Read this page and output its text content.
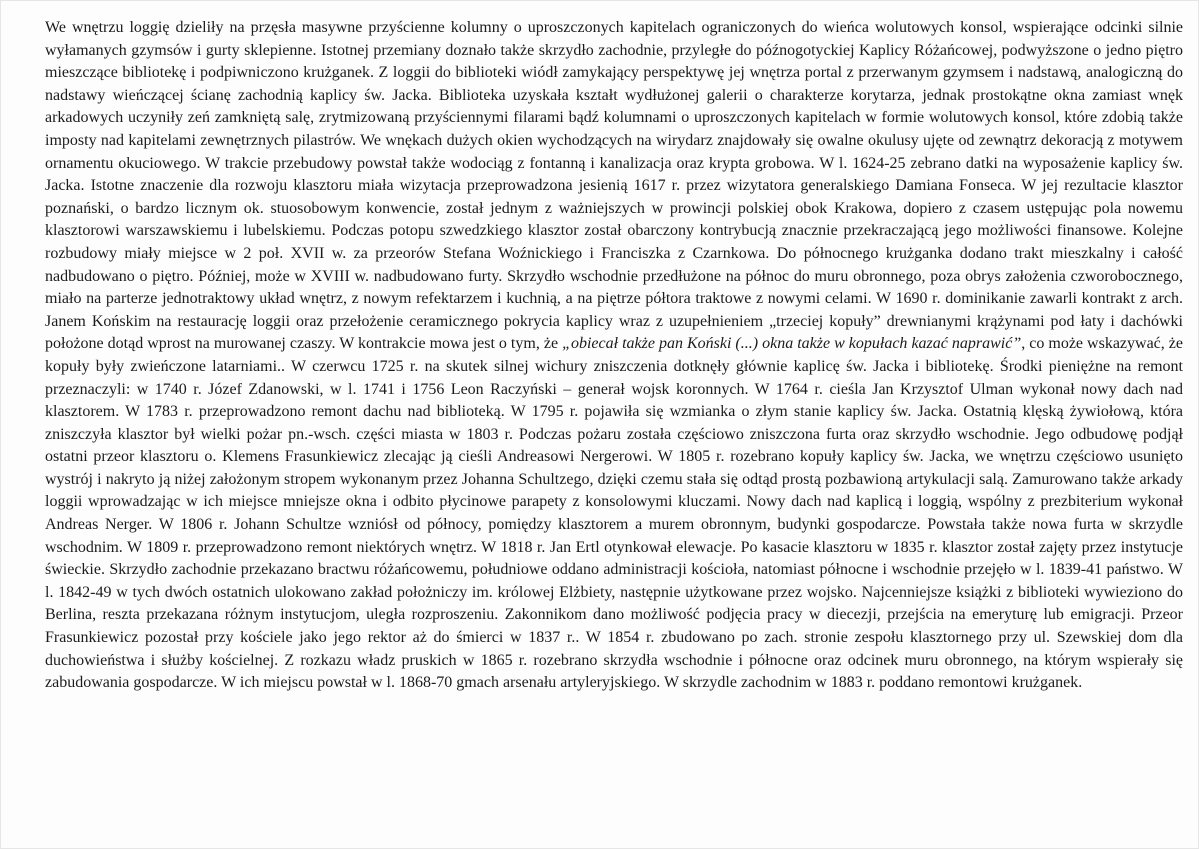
We wnętrzu loggię dzieliły na przęsła masywne przyścienne kolumny o uproszczonych kapitelach ograniczonych do wieńca wolutowych konsol, wspierające odcinki silnie wyłamanych gzymsów i gurty sklepienne. Istotnej przemiany doznało także skrzydło zachodnie, przyległe do późnogotyckiej Kaplicy Różańcowej, podwyższone o jedno piętro mieszczące bibliotekę i podpiwniczono krużganek. Z loggii do biblioteki wiódł zamykający perspektywę jej wnętrza portal z przerwanym gzymsem i nadstawą, analogiczną do nadstawy wieńczącej ścianę zachodnią kaplicy św. Jacka. Biblioteka uzyskała kształt wydłużonej galerii o charakterze korytarza, jednak prostokątne okna zamiast wnęk arkadowych uczyniły zeń zamkniętą salę, zrytmizowaną przyściennymi filarami bądź kolumnami o uproszczonych kapitelach w formie wolutowych konsol, które zdobią także imposty nad kapitelami zewnętrznych pilastrów. We wnękach dużych okien wychodzących na wirydarz znajdowały się owalne okulusy ujęte od zewnątrz dekoracją z motywem ornamentu okuciowego. W trakcie przebudowy powstał także wodociąg z fontanną i kanalizacja oraz krypta grobowa. W l. 1624-25 zebrano datki na wyposażenie kaplicy św. Jacka. Istotne znaczenie dla rozwoju klasztoru miała wizytacja przeprowadzona jesienią 1617 r. przez wizytatora generalskiego Damiana Fonseca. W jej rezultacie klasztor poznański, o bardzo licznym ok. stuosobowym konwencie, został jednym z ważniejszych w prowincji polskiej obok Krakowa, dopiero z czasem ustępując pola nowemu klasztorowi warszawskiemu i lubelskiemu. Podczas potopu szwedzkiego klasztor został obarczony kontrybucją znacznie przekraczającą jego możliwości finansowe. Kolejne rozbudowy miały miejsce w 2 poł. XVII w. za przeorów Stefana Woźnickiego i Franciszka z Czarnkowa. Do północnego krużganka dodano trakt mieszkalny i całość nadbudowano o piętro. Później, może w XVIII w. nadbudowano furty. Skrzydło wschodnie przedłużone na północ do muru obronnego, poza obrys założenia czworobocznego, miało na parterze jednotraktowy układ wnętrz, z nowym refektarzem i kuchnią, a na piętrze półtora traktowe z nowymi celami. W 1690 r. dominikanie zawarli kontrakt z arch. Janem Końskim na restaurację loggii oraz przełożenie ceramicznego pokrycia kaplicy wraz z uzupełnieniem „trzeciej kopuły” drewnianymi krążynami pod łaty i dachówki położone dotąd wprost na murowanej czaszy. W kontrakcie mowa jest o tym, że „obiecał także pan Koński (...) okna także w kopułach kazać naprawić”, co może wskazywać, że kopuły były zwieńczone latarniami.. W czerwcu 1725 r. na skutek silnej wichury zniszczenia dotknęły głównie kaplicę św. Jacka i bibliotekę. Środki pieniężne na remont przeznaczyli: w 1740 r. Józef Zdanowski, w l. 1741 i 1756 Leon Raczyński – generał wojsk koronnych. W 1764 r. cieśla Jan Krzysztof Ulman wykonał nowy dach nad klasztorem. W 1783 r. przeprowadzono remont dachu nad biblioteką. W 1795 r. pojawiła się wzmianka o złym stanie kaplicy św. Jacka. Ostatnią klęską żywiołową, która zniszczyła klasztor był wielki pożar pn.-wsch. części miasta w 1803 r. Podczas pożaru została częściowo zniszczona furta oraz skrzydło wschodnie. Jego odbudowę podjął ostatni przeor klasztoru o. Klemens Frasunkiewicz zlecając ją cieśli Andreasowi Nergerowi. W 1805 r. rozebrano kopuły kaplicy św. Jacka, we wnętrzu częściowo usunięto wystrój i nakryto ją niżej założonym stropem wykonanym przez Johanna Schultzego, dzięki czemu stała się odtąd prostą pozbawioną artykulacji salą. Zamurowano także arkady loggii wprowadzając w ich miejsce mniejsze okna i odbito płycinowe parapety z konsolowymi kluczami. Nowy dach nad kaplicą i loggią, wspólny z prezbiterium wykonał Andreas Nerger. W 1806 r. Johann Schultze wzniósł od północy, pomiędzy klasztorem a murem obronnym, budynki gospodarcze. Powstała także nowa furta w skrzydle wschodnim. W 1809 r. przeprowadzono remont niektórych wnętrz. W 1818 r. Jan Ertl otynkował elewacje. Po kasacie klasztoru w 1835 r. klasztor został zajęty przez instytucje świeckie. Skrzydło zachodnie przekazano bractwu różańcowemu, południowe oddano administracji kościoła, natomiast północne i wschodnie przejęło w l. 1839-41 państwo. W l. 1842-49 w tych dwóch ostatnich ulokowano zakład położniczy im. królowej Elżbiety, następnie użytkowane przez wojsko. Najcenniejsze książki z biblioteki wywieziono do Berlina, reszta przekazana różnym instytucjom, uległa rozproszeniu. Zakonnikom dano możliwość podjęcia pracy w diecezji, przejścia na emeryturę lub emigracji. Przeor Frasunkiewicz pozostał przy kościele jako jego rektor aż do śmierci w 1837 r.. W 1854 r. zbudowano po zach. stronie zespołu klasztornego przy ul. Szewskiej dom dla duchowieństwa i służby kościelnej. Z rozkazu władz pruskich w 1865 r. rozebrano skrzydła wschodnie i północne oraz odcinek muru obronnego, na którym wspierały się zabudowania gospodarcze. W ich miejscu powstał w l. 1868-70 gmach arsenału artyleryjskiego. W skrzydle zachodnim w 1883 r. poddano remontowi krużganek.
